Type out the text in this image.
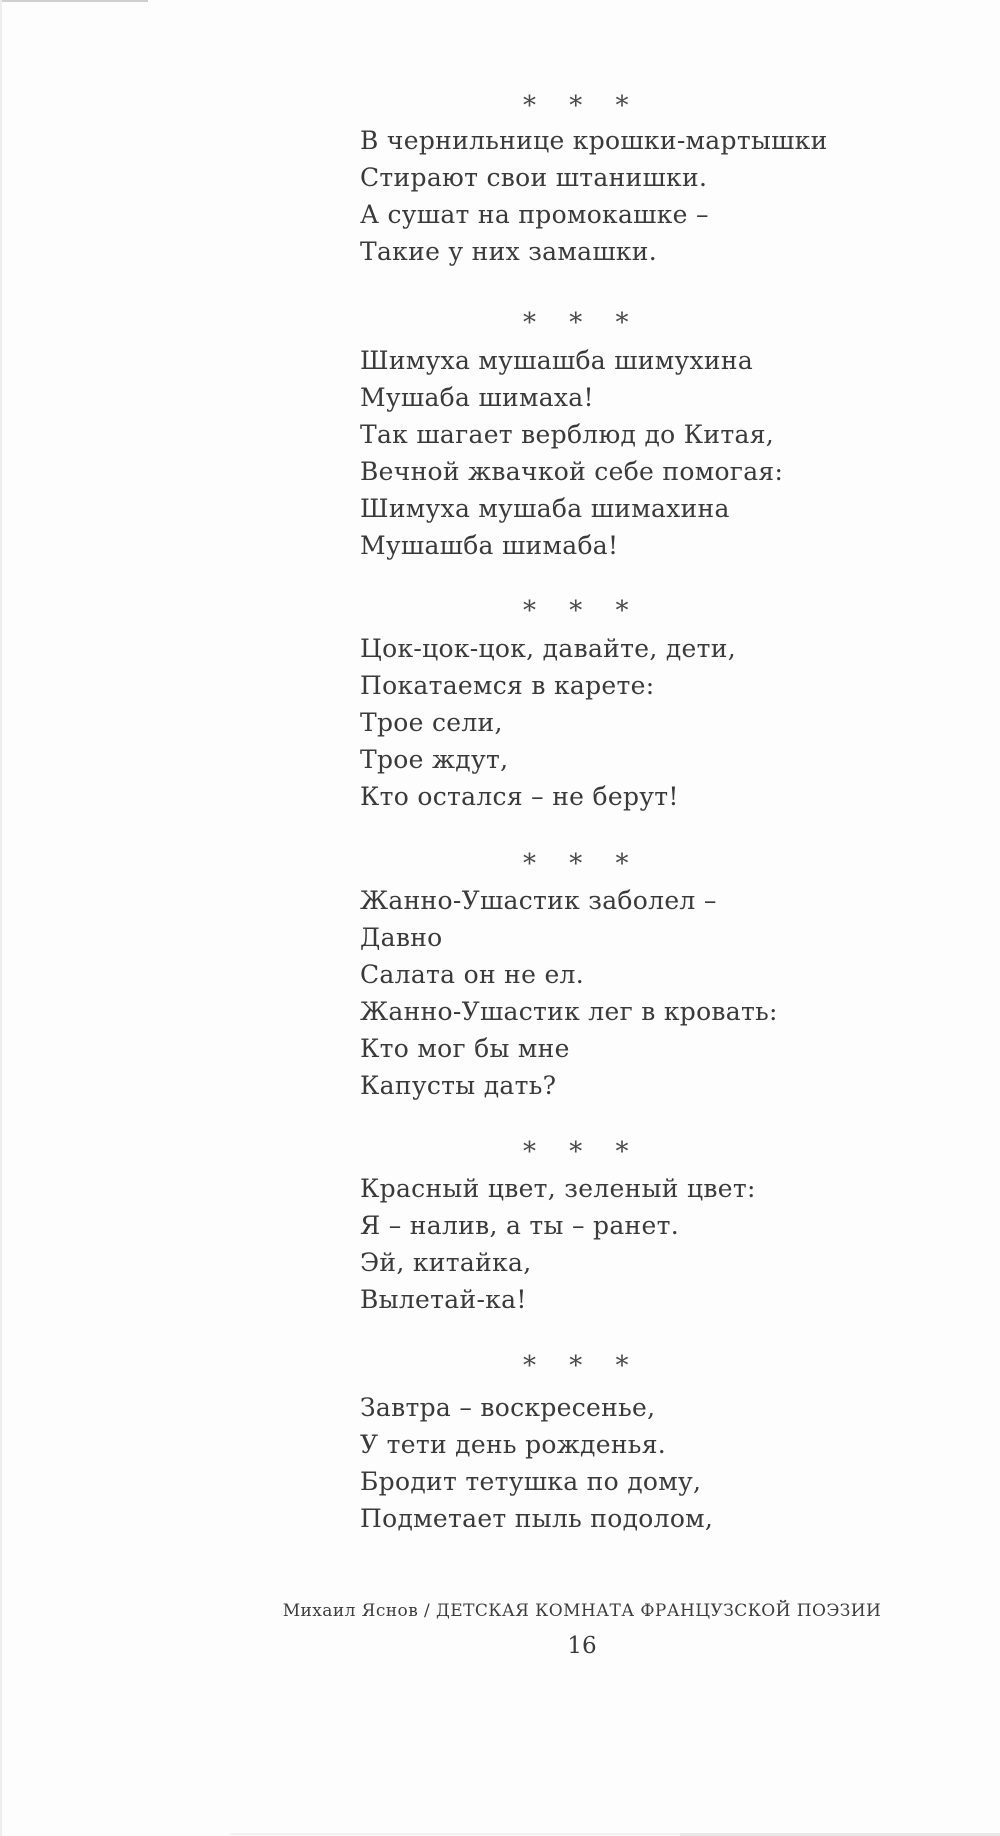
* * *
В чернильнице крошки-мартышки
Стирают свои штанишки.
А сушат на промокашке –
Такие у них замашки.
* * *
Шимуха мушашба шимухина
Мушаба шимаха!
Так шагает верблюд до Китая,
Вечной жвачкой себе помогая:
Шимуха мушаба шимахина
Мушашба шимаба!
* * *
Цок-цок-цок, давайте, дети,
Покатаемся в карете:
Трое сели,
Трое ждут,
Кто остался – не берут!
* * *
Жанно-Ушастик заболел –
Давно
Салата он не ел.
Жанно-Ушастик лег в кровать:
Кто мог бы мне
Капусты дать?
* * *
Красный цвет, зеленый цвет:
Я – налив, а ты – ранет.
Эй, китайка,
Вылетай-ка!
* * *
Завтра – воскресенье,
У тети день рожденья.
Бродит тетушка по дому,
Подметает пыль подолом,
Михаил Яснов / ДЕТСКАЯ КОМНАТА ФРАНЦУЗСКОЙ ПОЭЗИИ
16
